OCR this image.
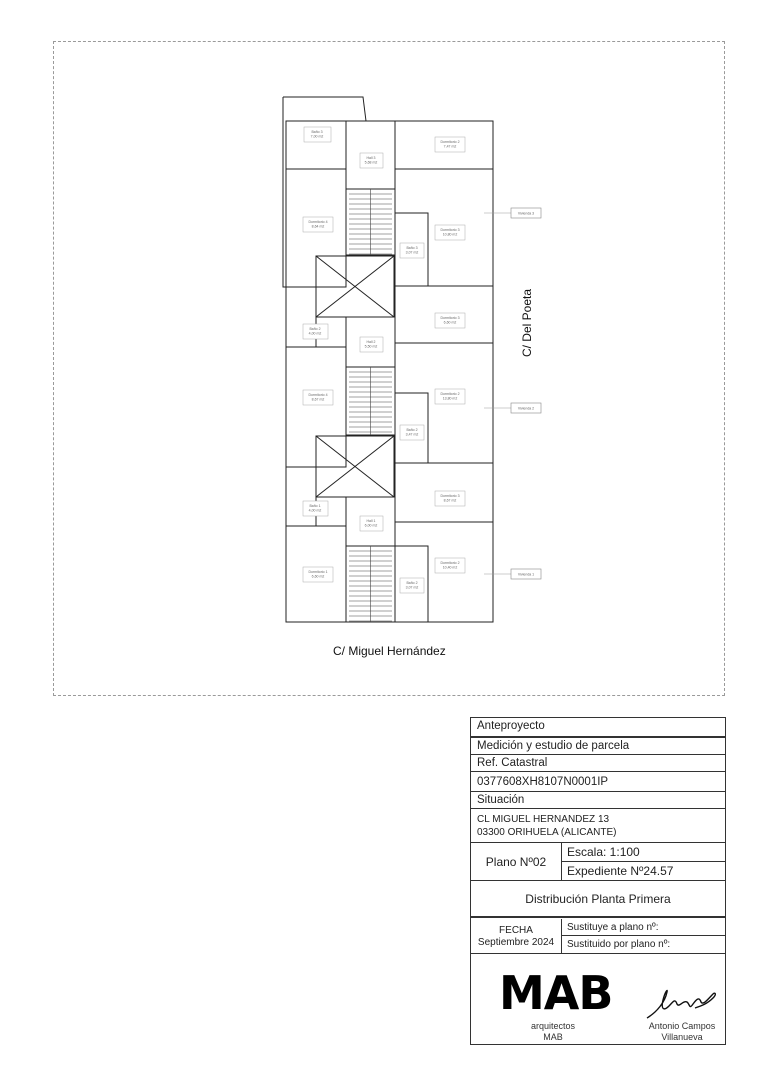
Baño 3 7,00 m2
Hall 3 5,68 m2
Dormitorio 2 7,47 m2
Dormitorio 4 8,64 m2
Dormitorio 3 10,80 m2
Baño 3 3,07 m2
Vivienda 3
Baño 2 4,00 m2
Hall 2 5,50 m2
Dormitorio 3 6,60 m2
Dormitorio 4 8,67 m2
Dormitorio 2 13,80 m2
Baño 2 3,47 m2
Vivienda 2
Baño 1 4,00 m2
Hall 1 6,00 m2
Dormitorio 1 6,60 m2
Dormitorio 3 8,67 m2
Dormitorio 2 10,40 m2
Baño 2 3,07 m2
Vivienda 1
C/ Miguel Hernández
C/ Del Poeta
Anteproyecto
Medición y estudio de parcela
Ref. Catastral
0377608XH8107N0001IP
Situación
CL MIGUEL HERNANDEZ 13
03300 ORIHUELA (ALICANTE)
Plano Nº02
Escala: 1:100
Expediente Nº24.57
Distribución Planta Primera
FECHA
Septiembre 2024
Sustituye a plano nº:
Sustituido por plano nº:
MAB
arquitectos
MAB
Antonio Campos
Villanueva
